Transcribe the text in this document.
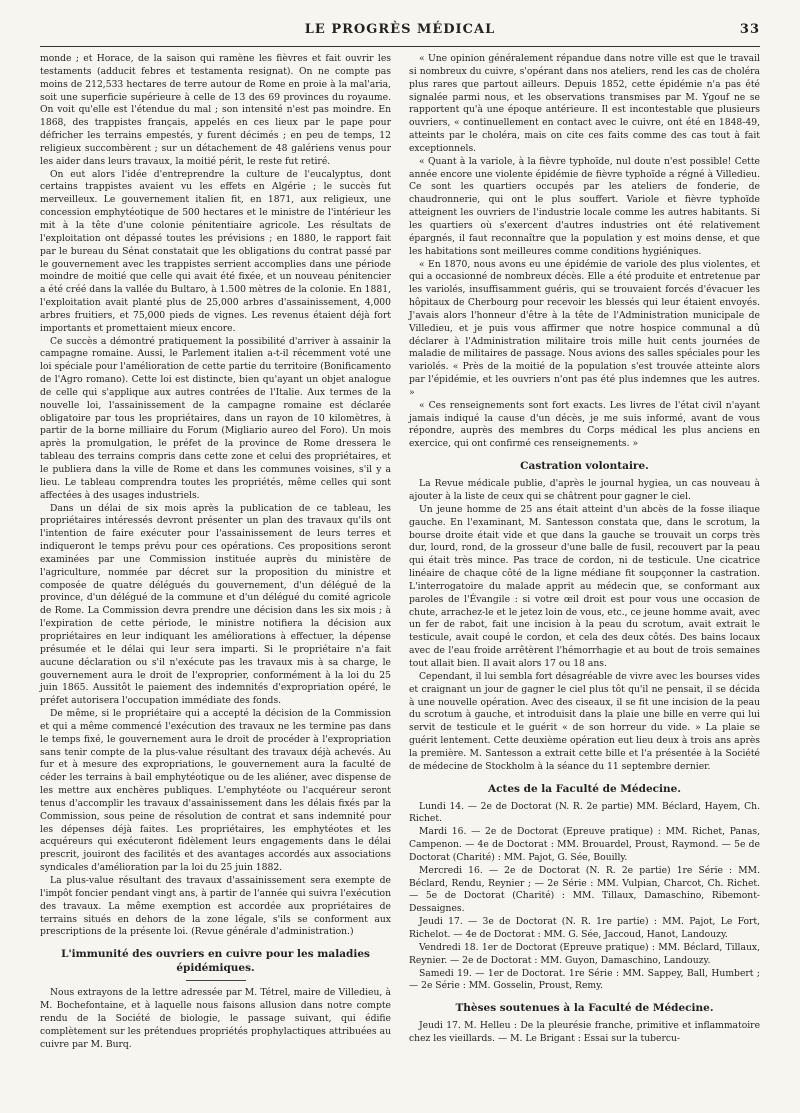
LE PROGRÈS MÉDICAL	33

monde ; et Horace, de la saison qui ramène les fièvres et fait ouvrir les testaments (adducit febres et testamenta resignat). On ne compte pas moins de 212,533 hectares de terre autour de Rome en proie à la mal'aria, soit une superficie supérieure à celle de 13 des 69 provinces du royaume. On voit qu'elle est l'étendue du mal ; son intensité n'est pas moindre. En 1868, des trappistes français, appelés en ces lieux par le pape pour défricher les terrains empestés, y furent décimés ; en peu de temps, 12 religieux succombèrent ; sur un détachement de 48 galériens venus pour les aider dans leurs travaux, la moitié périt, le reste fut retiré.

On eut alors l'idée d'entreprendre la culture de l'eucalyptus, dont certains trappistes avaient vu les effets en Algérie ; le succès fut merveilleux. Le gouvernement italien fit, en 1871, aux religieux, une concession emphytéotique de 500 hectares et le ministre de l'intérieur les mit à la tête d'une colonie pénitentiaire agricole. Les résultats de l'exploitation ont dépassé toutes les prévisions ; en 1880, le rapport fait par le bureau du Sénat constatait que les obligations du contrat passé par le gouvernement avec les trappistes serrient accomplies dans une période moindre de moitié que celle qui avait été fixée, et un nouveau pénitencier a été créé dans la vallée du Bultaro, à 1.500 mètres de la colonie. En 1881, l'exploitation avait planté plus de 25,000 arbres d'assainissement, 4,000 arbres fruitiers, et 75,000 pieds de vignes. Les revenus étaient déjà fort importants et promettaient mieux encore.

Ce succès a démontré pratiquement la possibilité d'arriver à assainir la campagne romaine. Aussi, le Parlement italien a-t-il récemment voté une loi spéciale pour l'amélioration de cette partie du territoire (Bonificamento de l'Agro romano). Cette loi est distincte, bien qu'ayant un objet analogue de celle qui s'applique aux autres contrées de l'Italie. Aux termes de la nouvelle loi, l'assainissement de la campagne romaine est déclarée obligatoire par tous les propriétaires, dans un rayon de 10 kilomètres, à partir de la borne milliaire du Forum (Migliario aureo del Foro). Un mois après la promulgation, le préfet de la province de Rome dressera le tableau des terrains compris dans cette zone et celui des propriétaires, et le publiera dans la ville de Rome et dans les communes voisines, s'il y a lieu. Le tableau comprendra toutes les propriétés, même celles qui sont affectées à des usages industriels.

Dans un délai de six mois après la publication de ce tableau, les propriétaires intéressés devront présenter un plan des travaux qu'ils ont l'intention de faire exécuter pour l'assainissement de leurs terres et indiqueront le temps prévu pour ces opérations. Ces propositions seront examinées par une Commission instituée auprès du ministère de l'agriculture, nommée par décret sur la proposition du ministre et composée de quatre délégués du gouvernement, d'un délégué de la province, d'un délégué de la commune et d'un délégué du comité agricole de Rome. La Commission devra prendre une décision dans les six mois ; à l'expiration de cette période, le ministre notifiera la décision aux propriétaires en leur indiquant les améliorations à effectuer, la dépense présumée et le délai qui leur sera imparti. Si le propriétaire n'a fait aucune déclaration ou s'il n'exécute pas les travaux mis à sa charge, le gouvernement aura le droit de l'exproprier, conformément à la loi du 25 juin 1865. Aussitôt le paiement des indemnités d'expropriation opéré, le préfet autorisera l'occupation immédiate des fonds.

De même, si le propriétaire qui a accepté la décision de la Commission et qui a même commencé l'exécution des travaux ne les termine pas dans le temps fixé, le gouvernement aura le droit de procéder à l'expropriation sans tenir compte de la plus-value résultant des travaux déjà achevés. Au fur et à mesure des expropriations, le gouvernement aura la faculté de céder les terrains à bail emphytéotique ou de les aliéner, avec dispense de les mettre aux enchères publiques. L'emphytéote ou l'acquéreur seront tenus d'accomplir les travaux d'assainissement dans les délais fixés par la Commission, sous peine de résolution de contrat et sans indemnité pour les dépenses déjà faites. Les propriétaires, les emphytéotes et les acquéreurs qui exécuteront fidèlement leurs engagements dans le délai prescrit, jouiront des facilités et des avantages accordés aux associations syndicales d'amélioration par la loi du 25 juin 1882.

La plus-value résultant des travaux d'assainissement sera exempte de l'impôt foncier pendant vingt ans, à partir de l'année qui suivra l'exécution des travaux. La même exemption est accordée aux propriétaires de terrains situés en dehors de la zone légale, s'ils se conforment aux prescriptions de la présente loi. (Revue générale d'administration.)

L'immunité des ouvriers en cuivre pour les maladies épidémiques.

Nous extrayons de la lettre adressée par M. Tétrel, maire de Villedieu, à M. Bochefontaine, et à laquelle nous faisons allusion dans notre compte rendu de la Société de biologie, le passage suivant, qui édifie complètement sur les prétendues propriétés prophylactiques attribuées au cuivre par M. Burq.

« Une opinion généralement répandue dans notre ville est que le travail si nombreux du cuivre, s'opérant dans nos ateliers, rend les cas de choléra plus rares que partout ailleurs. Depuis 1852, cette épidémie n'a pas été signalée parmi nous, et les observations transmises par M. Ygouf ne se rapportent qu'à une époque antérieure. Il est incontestable que plusieurs ouvriers, « continuellement en contact avec le cuivre, ont été en 1848-49, atteints par le choléra, mais on cite ces faits comme des cas tout à fait exceptionnels.

« Quant à la variole, à la fièvre typhoïde, nul doute n'est possible! Cette année encore une violente épidémie de fièvre typhoïde a régné à Villedieu. Ce sont les quartiers occupés par les ateliers de fonderie, de chaudronnerie, qui ont le plus souffert. Variole et fièvre typhoïde atteignent les ouvriers de l'industrie locale comme les autres habitants. Si les quartiers où s'exercent d'autres industries ont été relativement épargnés, il faut reconnaître que la population y est moins dense, et que les habitations sont meilleures comme conditions hygiéniques.

« En 1870, nous avons eu une épidémie de variole des plus violentes, et qui a occasionné de nombreux décès. Elle a été produite et entretenue par les variolés, insuffisamment guéris, qui se trouvaient forcés d'évacuer les hôpitaux de Cherbourg pour recevoir les blessés qui leur étaient envoyés. J'avais alors l'honneur d'être à la tête de l'Administration municipale de Villedieu, et je puis vous affirmer que notre hospice communal a dû déclarer à l'Administration militaire trois mille huit cents journées de maladie de militaires de passage. Nous avions des salles spéciales pour les variolés. « Près de la moitié de la population s'est trouvée atteinte alors par l'épidémie, et les ouvriers n'ont pas été plus indemnes que les autres. »

« Ces renseignements sont fort exacts. Les livres de l'état civil n'ayant jamais indiqué la cause d'un décès, je me suis informé, avant de vous répondre, auprès des membres du Corps médical les plus anciens en exercice, qui ont confirmé ces renseignements. »

Castration volontaire.

La Revue médicale publie, d'après le journal hygiea, un cas nouveau à ajouter à la liste de ceux qui se châtrent pour gagner le ciel.

Un jeune homme de 25 ans était atteint d'un abcès de la fosse iliaque gauche. En l'examinant, M. Santesson constata que, dans le scrotum, la bourse droite était vide et que dans la gauche se trouvait un corps très dur, lourd, rond, de la grosseur d'une balle de fusil, recouvert par la peau qui était très mince. Pas trace de cordon, ni de testicule. Une cicatrice linéaire de chaque côté de la ligne médiane fit soupçonner la castration. L'interrogatoire du malade apprit au médecin que, se conformant aux paroles de l'Évangile : si votre œil droit est pour vous une occasion de chute, arrachez-le et le jetez loin de vous, etc., ce jeune homme avait, avec un fer de rabot, fait une incision à la peau du scrotum, avait extrait le testicule, avait coupé le cordon, et cela des deux côtés. Des bains locaux avec de l'eau froide arrêtèrent l'hémorrhagie et au bout de trois semaines tout allait bien. Il avait alors 17 ou 18 ans.

Cependant, il lui sembla fort désagréable de vivre avec les bourses vides et craignant un jour de gagner le ciel plus tôt qu'il ne pensait, il se décida à une nouvelle opération. Avec des ciseaux, il se fit une incision de la peau du scrotum à gauche, et introduisit dans la plaie une bille en verre qui lui servit de testicule et le guérit « de son horreur du vide. » La plaie se guérit lentement. Cette deuxième opération eut lieu deux à trois ans après la première. M. Santesson a extrait cette bille et l'a présentée à la Société de médecine de Stockholm à la séance du 11 septembre dernier.

Actes de la Faculté de Médecine.

Lundi 14. — 2e de Doctorat (N. R. 2e partie) MM. Béclard, Hayem, Ch. Richet.

Mardi 16. — 2e de Doctorat (Epreuve pratique) : MM. Richet, Panas, Campenon. — 4e de Doctorat : MM. Brouardel, Proust, Raymond. — 5e de Doctorat (Charité) : MM. Pajot, G. Sée, Bouilly.

Mercredi 16. — 2e de Doctorat (N. R. 2e partie) 1re Série : MM. Béclard, Rendu, Reynier ; — 2e Série : MM. Vulpian, Charcot, Ch. Richet. — 5e de Doctorat (Charité) : MM. Tillaux, Damaschino, Ribemont-Dessaignes.

Jeudi 17. — 3e de Doctorat (N. R. 1re partie) : MM. Pajot, Le Fort, Richelot. — 4e de Doctorat : MM. G. Sée, Jaccoud, Hanot, Landouzy.

Vendredi 18. 1er de Doctorat (Epreuve pratique) : MM. Béclard, Tillaux, Reynier. — 2e de Doctorat : MM. Guyon, Damaschino, Landouzy.

Samedi 19. — 1er de Doctorat. 1re Série : MM. Sappey, Ball, Humbert ; — 2e Série : MM. Gosselin, Proust, Remy.

Thèses soutenues à la Faculté de Médecine.

Jeudi 17. M. Helleu : De la pleurésie franche, primitive et inflammatoire chez les vieillards. — M. Le Brigant : Essai sur la tubercu-
